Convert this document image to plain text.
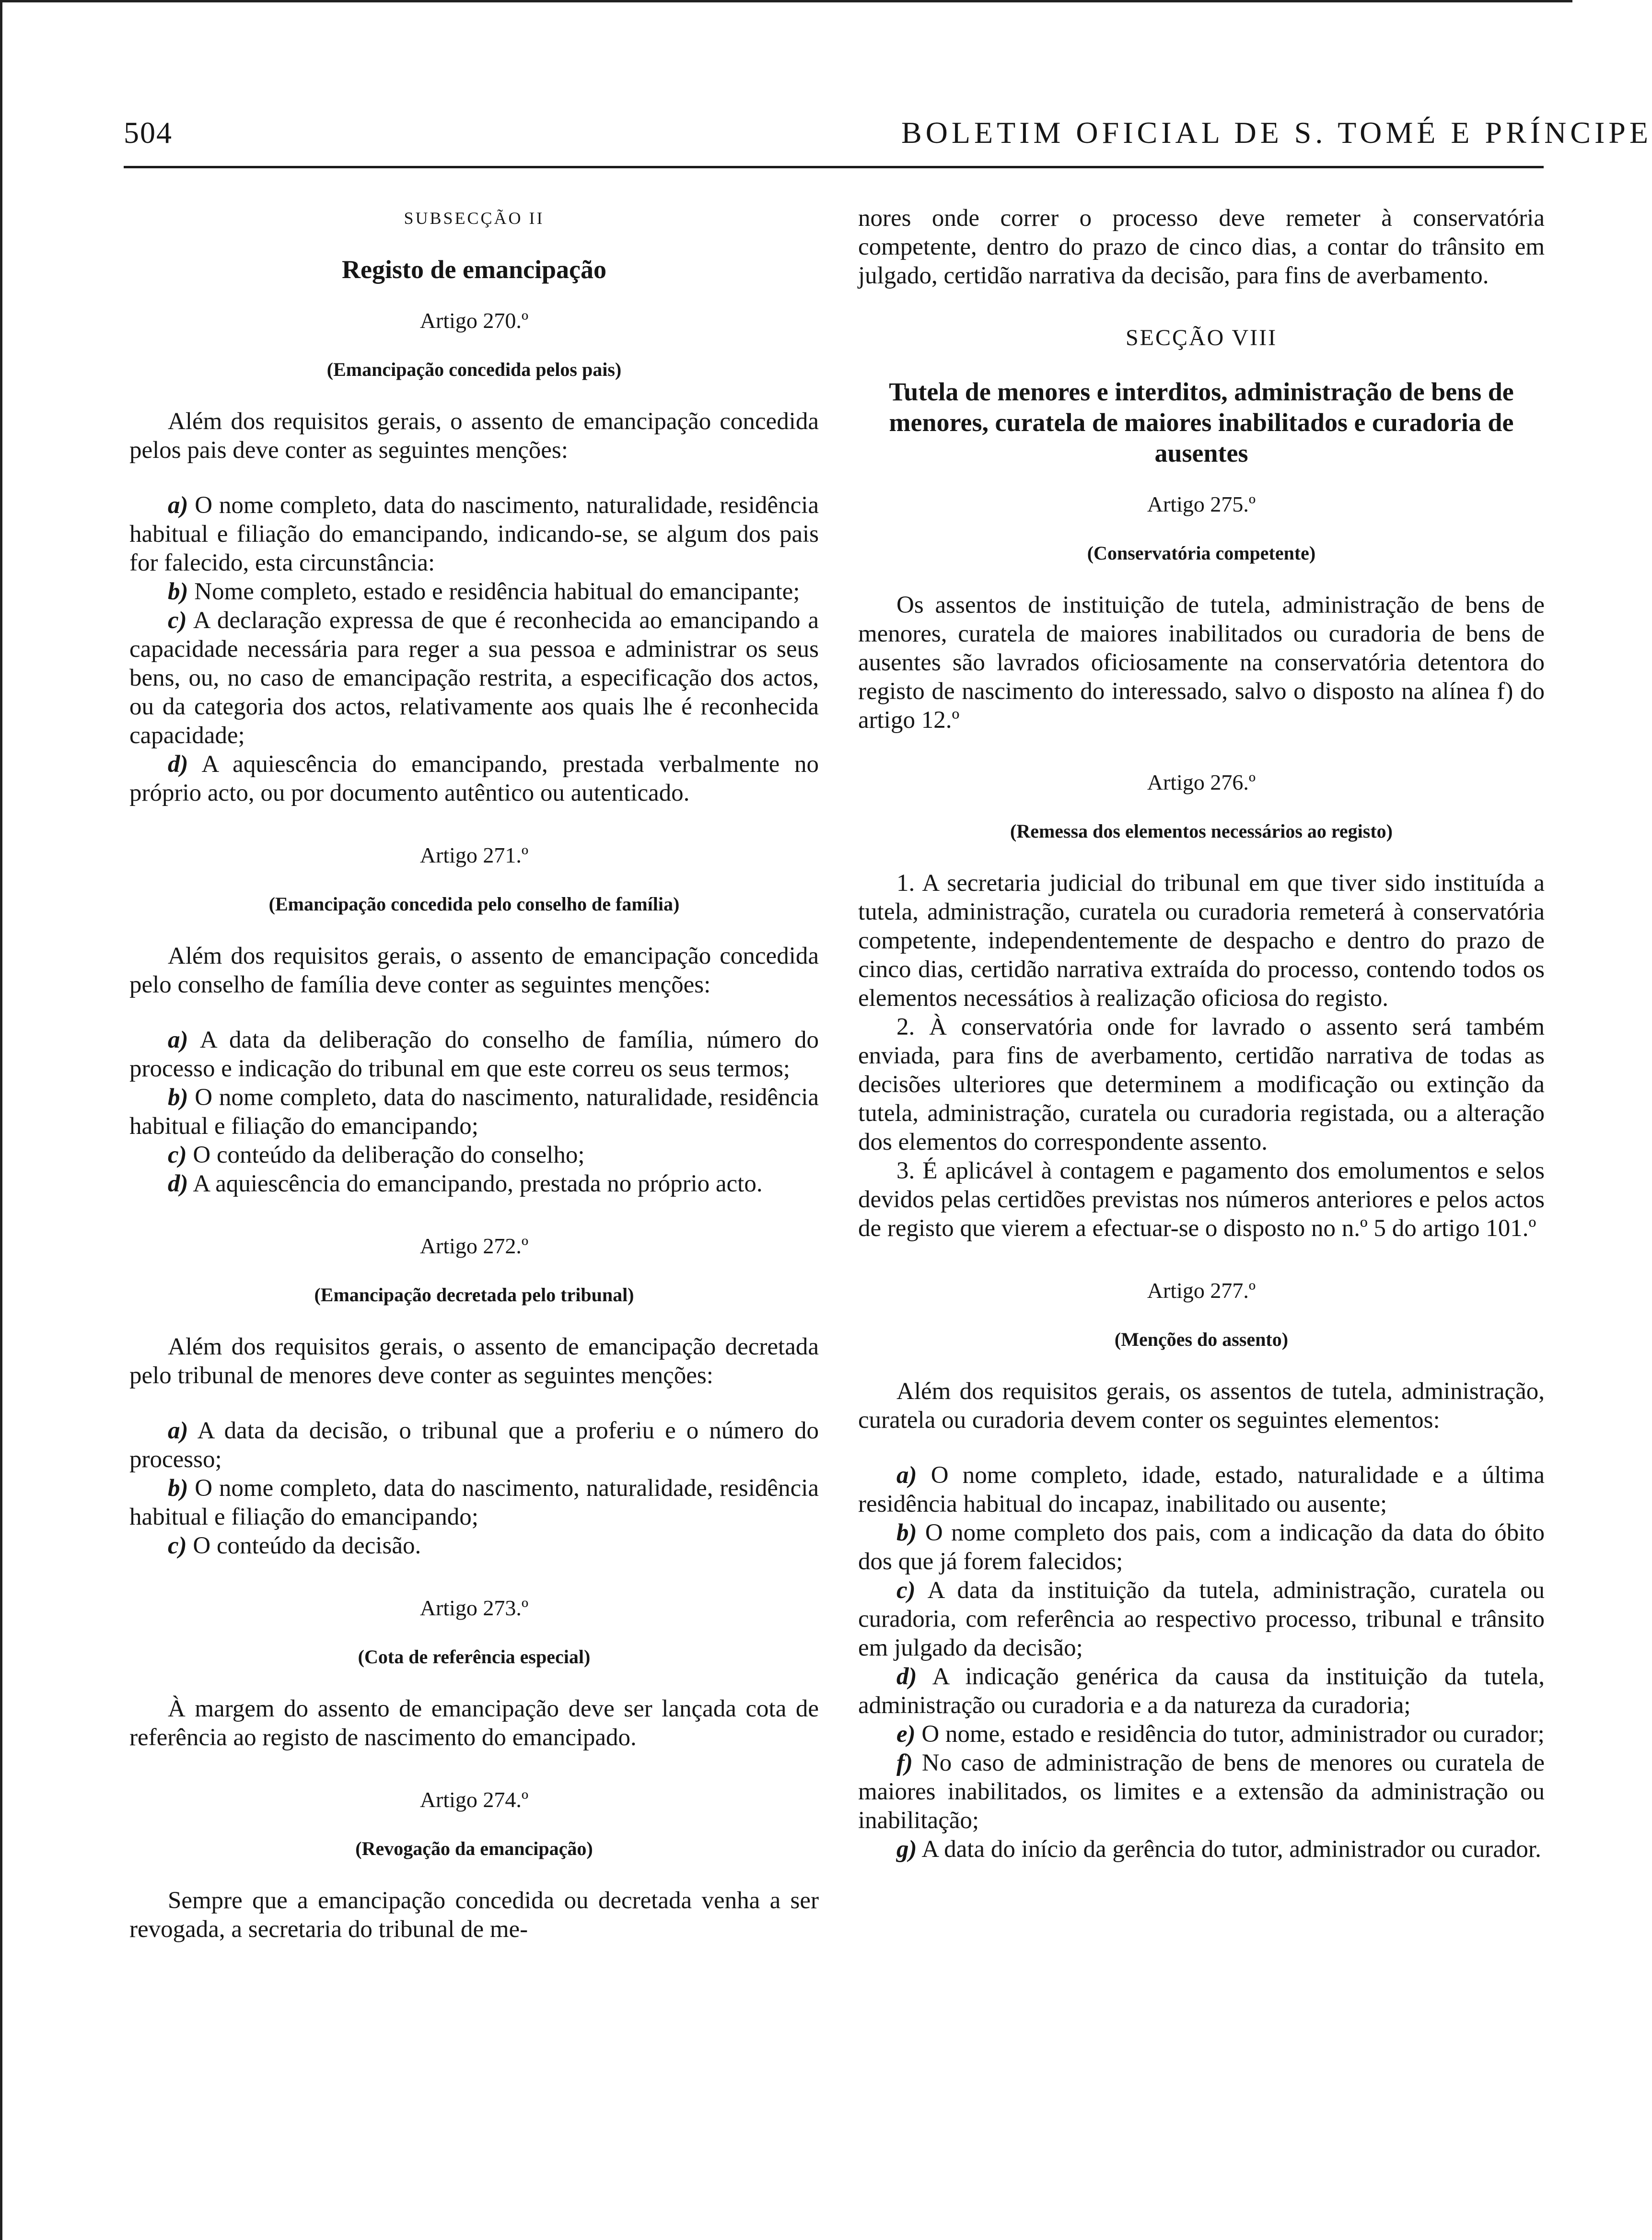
504	BOLETIM OFICIAL DE S. TOMÉ E PRÍNCIPE

SUBSECÇÃO II

Registo de emancipação

Artigo 270.º

(Emancipação concedida pelos pais)

Além dos requisitos gerais, o assento de emancipação concedida pelos pais deve conter as seguintes menções:

a) O nome completo, data do nascimento, naturalidade, residência habitual e filiação do emancipando, indicando-se, se algum dos pais for falecido, esta circunstância:

b) Nome completo, estado e residência habitual do emancipante;

c) A declaração expressa de que é reconhecida ao emancipando a capacidade necessária para reger a sua pessoa e administrar os seus bens, ou, no caso de emancipação restrita, a especificação dos actos, ou da categoria dos actos, relativamente aos quais lhe é reconhecida capacidade;

d) A aquiescência do emancipando, prestada verbalmente no próprio acto, ou por documento autêntico ou autenticado.

Artigo 271.º

(Emancipação concedida pelo conselho de família)

Além dos requisitos gerais, o assento de emancipação concedida pelo conselho de família deve conter as seguintes menções:

a) A data da deliberação do conselho de família, número do processo e indicação do tribunal em que este correu os seus termos;

b) O nome completo, data do nascimento, naturalidade, residência habitual e filiação do emancipando;

c) O conteúdo da deliberação do conselho;

d) A aquiescência do emancipando, prestada no próprio acto.

Artigo 272.º

(Emancipação decretada pelo tribunal)

Além dos requisitos gerais, o assento de emancipação decretada pelo tribunal de menores deve conter as seguintes menções:

a) A data da decisão, o tribunal que a proferiu e o número do processo;

b) O nome completo, data do nascimento, naturalidade, residência habitual e filiação do emancipando;

c) O conteúdo da decisão.

Artigo 273.º

(Cota de referência especial)

À margem do assento de emancipação deve ser lançada cota de referência ao registo de nascimento do emancipado.

Artigo 274.º

(Revogação da emancipação)

Sempre que a emancipação concedida ou decretada venha a ser revogada, a secretaria do tribunal de me-

nores onde correr o processo deve remeter à conservatória competente, dentro do prazo de cinco dias, a contar do trânsito em julgado, certidão narrativa da decisão, para fins de averbamento.

SECÇÃO VIII

Tutela de menores e interditos, administração de bens de menores, curatela de maiores inabilitados e curadoria de ausentes

Artigo 275.º

(Conservatória competente)

Os assentos de instituição de tutela, administração de bens de menores, curatela de maiores inabilitados ou curadoria de bens de ausentes são lavrados oficiosamente na conservatória detentora do registo de nascimento do interessado, salvo o disposto na alínea f) do artigo 12.º

Artigo 276.º

(Remessa dos elementos necessários ao registo)

1. A secretaria judicial do tribunal em que tiver sido instituída a tutela, administração, curatela ou curadoria remeterá à conservatória competente, independentemente de despacho e dentro do prazo de cinco dias, certidão narrativa extraída do processo, contendo todos os elementos necessátios à realização oficiosa do registo.

2. À conservatória onde for lavrado o assento será também enviada, para fins de averbamento, certidão narrativa de todas as decisões ulteriores que determinem a modificação ou extinção da tutela, administração, curatela ou curadoria registada, ou a alteração dos elementos do correspondente assento.

3. É aplicável à contagem e pagamento dos emolumentos e selos devidos pelas certidões previstas nos números anteriores e pelos actos de registo que vierem a efectuar-se o disposto no n.º 5 do artigo 101.º

Artigo 277.º

(Menções do assento)

Além dos requisitos gerais, os assentos de tutela, administração, curatela ou curadoria devem conter os seguintes elementos:

a) O nome completo, idade, estado, naturalidade e a última residência habitual do incapaz, inabilitado ou ausente;

b) O nome completo dos pais, com a indicação da data do óbito dos que já forem falecidos;

c) A data da instituição da tutela, administração, curatela ou curadoria, com referência ao respectivo processo, tribunal e trânsito em julgado da decisão;

d) A indicação genérica da causa da instituição da tutela, administração ou curadoria e a da natureza da curadoria;

e) O nome, estado e residência do tutor, administrador ou curador;

f) No caso de administração de bens de menores ou curatela de maiores inabilitados, os limites e a extensão da administração ou inabilitação;

g) A data do início da gerência do tutor, administrador ou curador.
